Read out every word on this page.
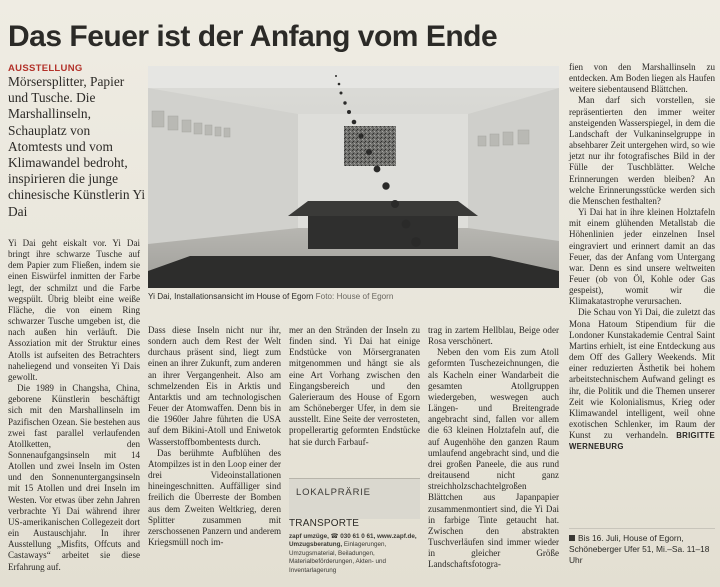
Das Feuer ist der Anfang vom Ende
AUSSTELLUNG
Mörsersplitter, Papier und Tusche. Die Marshallinseln, Schauplatz von Atomtests und vom Klimawandel bedroht, inspirieren die junge chinesische Künstlerin Yi Dai
Yi Dai, Installationsansicht im House of Egorn Foto: House of Egorn

Yi Dai geht eiskalt vor. Yi Dai bringt ihre schwarze Tusche auf dem Papier zum Fließen, indem sie einen Eiswürfel inmitten der Farbe legt, der schmilzt und die Farbe wegspült. Übrig bleibt eine weiße Fläche, die von einem Ring schwarzer Tusche umgeben ist, die nach außen hin verläuft. Die Assoziation mit der Struktur eines Atolls ist aufseiten des Betrachters naheliegend und vonseiten Yi Dais gewollt.

Die 1989 in Changsha, China, geborene Künstlerin beschäftigt sich mit den Marshallinseln im Pazifischen Ozean. Sie bestehen aus zwei fast parallel verlaufenden Atollketten, den Sonnenaufgangsinseln mit 14 Atollen und zwei Inseln im Osten und den Sonnenuntergangsinseln mit 15 Atollen und drei Inseln im Westen. Vor etwas über zehn Jahren verbrachte Yi Dai während ihrer US-amerikanischen Collegezeit dort ein Austauschjahr. In ihrer Ausstellung „Misfits, Offcuts and Castaways“ arbeitet sie diese Erfahrung auf.

Dass diese Inseln nicht nur ihr, sondern auch dem Rest der Welt durchaus präsent sind, liegt zum einen an ihrer Zukunft, zum anderen an ihrer Vergangenheit. Also am schmelzenden Eis in Arktis und Antarktis und am technologischen Feuer der Atomwaffen. Denn bis in die 1960er Jahre führten die USA auf dem Bikini-Atoll und Eniwetok Wasserstoffbombentests durch.

Das berühmte Aufblühen des Atompilzes ist in den Loop einer der drei Videoinstallationen hineingeschnitten. Auffälliger sind freilich die Überreste der Bomben aus dem Zweiten Weltkrieg, deren Splitter zusammen mit zerschossenen Panzern und anderem Kriegsmüll noch im-

mer an den Stränden der Inseln zu finden sind. Yi Dai hat einige Endstücke von Mörsergranaten mitgenommen und hängt sie als eine Art Vorhang zwischen den Eingangsbereich und den Galerieraum des House of Egorn am Schöneberger Ufer, in dem sie ausstellt. Eine Seite der verrosteten, propellerartig geformten Endstücke hat sie durch Farbauf-

trag in zartem Hellblau, Beige oder Rosa verschönert.

Neben den vom Eis zum Atoll geformten Tuschezeichnungen, die als Kacheln einer Wandarbeit die gesamten Atollgruppen wiedergeben, weswegen auch Längen- und Breitengrade angebracht sind, fallen vor allem die 63 kleinen Holztafeln auf, die auf Augenhöhe den ganzen Raum umlaufend angebracht sind, und die drei großen Paneele, die aus rund dreitausend nicht ganz streichholzschachtelgroßen Blättchen aus Japanpapier zusammenmontiert sind, die Yi Dai in farbige Tinte getaucht hat. Zwischen den abstrakten Tuschverläufen sind immer wieder in gleicher Größe Landschaftsfotogra-

fien von den Marshallinseln zu entdecken. Am Boden liegen als Haufen weitere siebentausend Blättchen.

Man darf sich vorstellen, sie repräsentierten den immer weiter ansteigenden Wasserspiegel, in dem die Landschaft der Vulkaninselgruppe in absehbarer Zeit untergehen wird, so wie jetzt nur ihr fotografisches Bild in der Fülle der Tuschblätter. Welche Erinnerungen werden bleiben? An welche Erinnerungsstücke werden sich die Menschen festhalten?

Yi Dai hat in ihre kleinen Holztafeln mit einem glühenden Metallstab die Höhenlinien jeder einzelnen Insel eingraviert und erinnert damit an das Feuer, das der Anfang vom Untergang war. Denn es sind unsere weltweiten Feuer (ob von Öl, Kohle oder Gas gespeist), womit wir die Klimakatastrophe verursachen.

Die Schau von Yi Dai, die zuletzt das Mona Hatoum Stipendium für die Londoner Kunstakademie Central Saint Martins erhielt, ist eine Entdeckung aus dem Off des Gallery Weekends. Mit einer reduzierten Ästhetik bei hohem arbeitstechnischem Aufwand gelingt es ihr, die Politik und die Themen unserer Zeit wie Kolonialismus, Krieg oder Klimawandel intelligent, weil ohne exotischen Schlenker, im Raum der Kunst zu verhandeln. BRIGITTE WERNEBURG

LOKALPRÄRIE
TRANSPORTE
zapf umzüge, ☎ 030 61 0 61, www.zapf.de, Umzugsberatung, Einlagerungen, Umzugsmaterial, Beiladungen, Materialbeförderungen, Akten- und Inventarlagerung
Bis 16. Juli, House of Egorn, Schöneberger Ufer 51, Mi.–Sa. 11–18 Uhr
